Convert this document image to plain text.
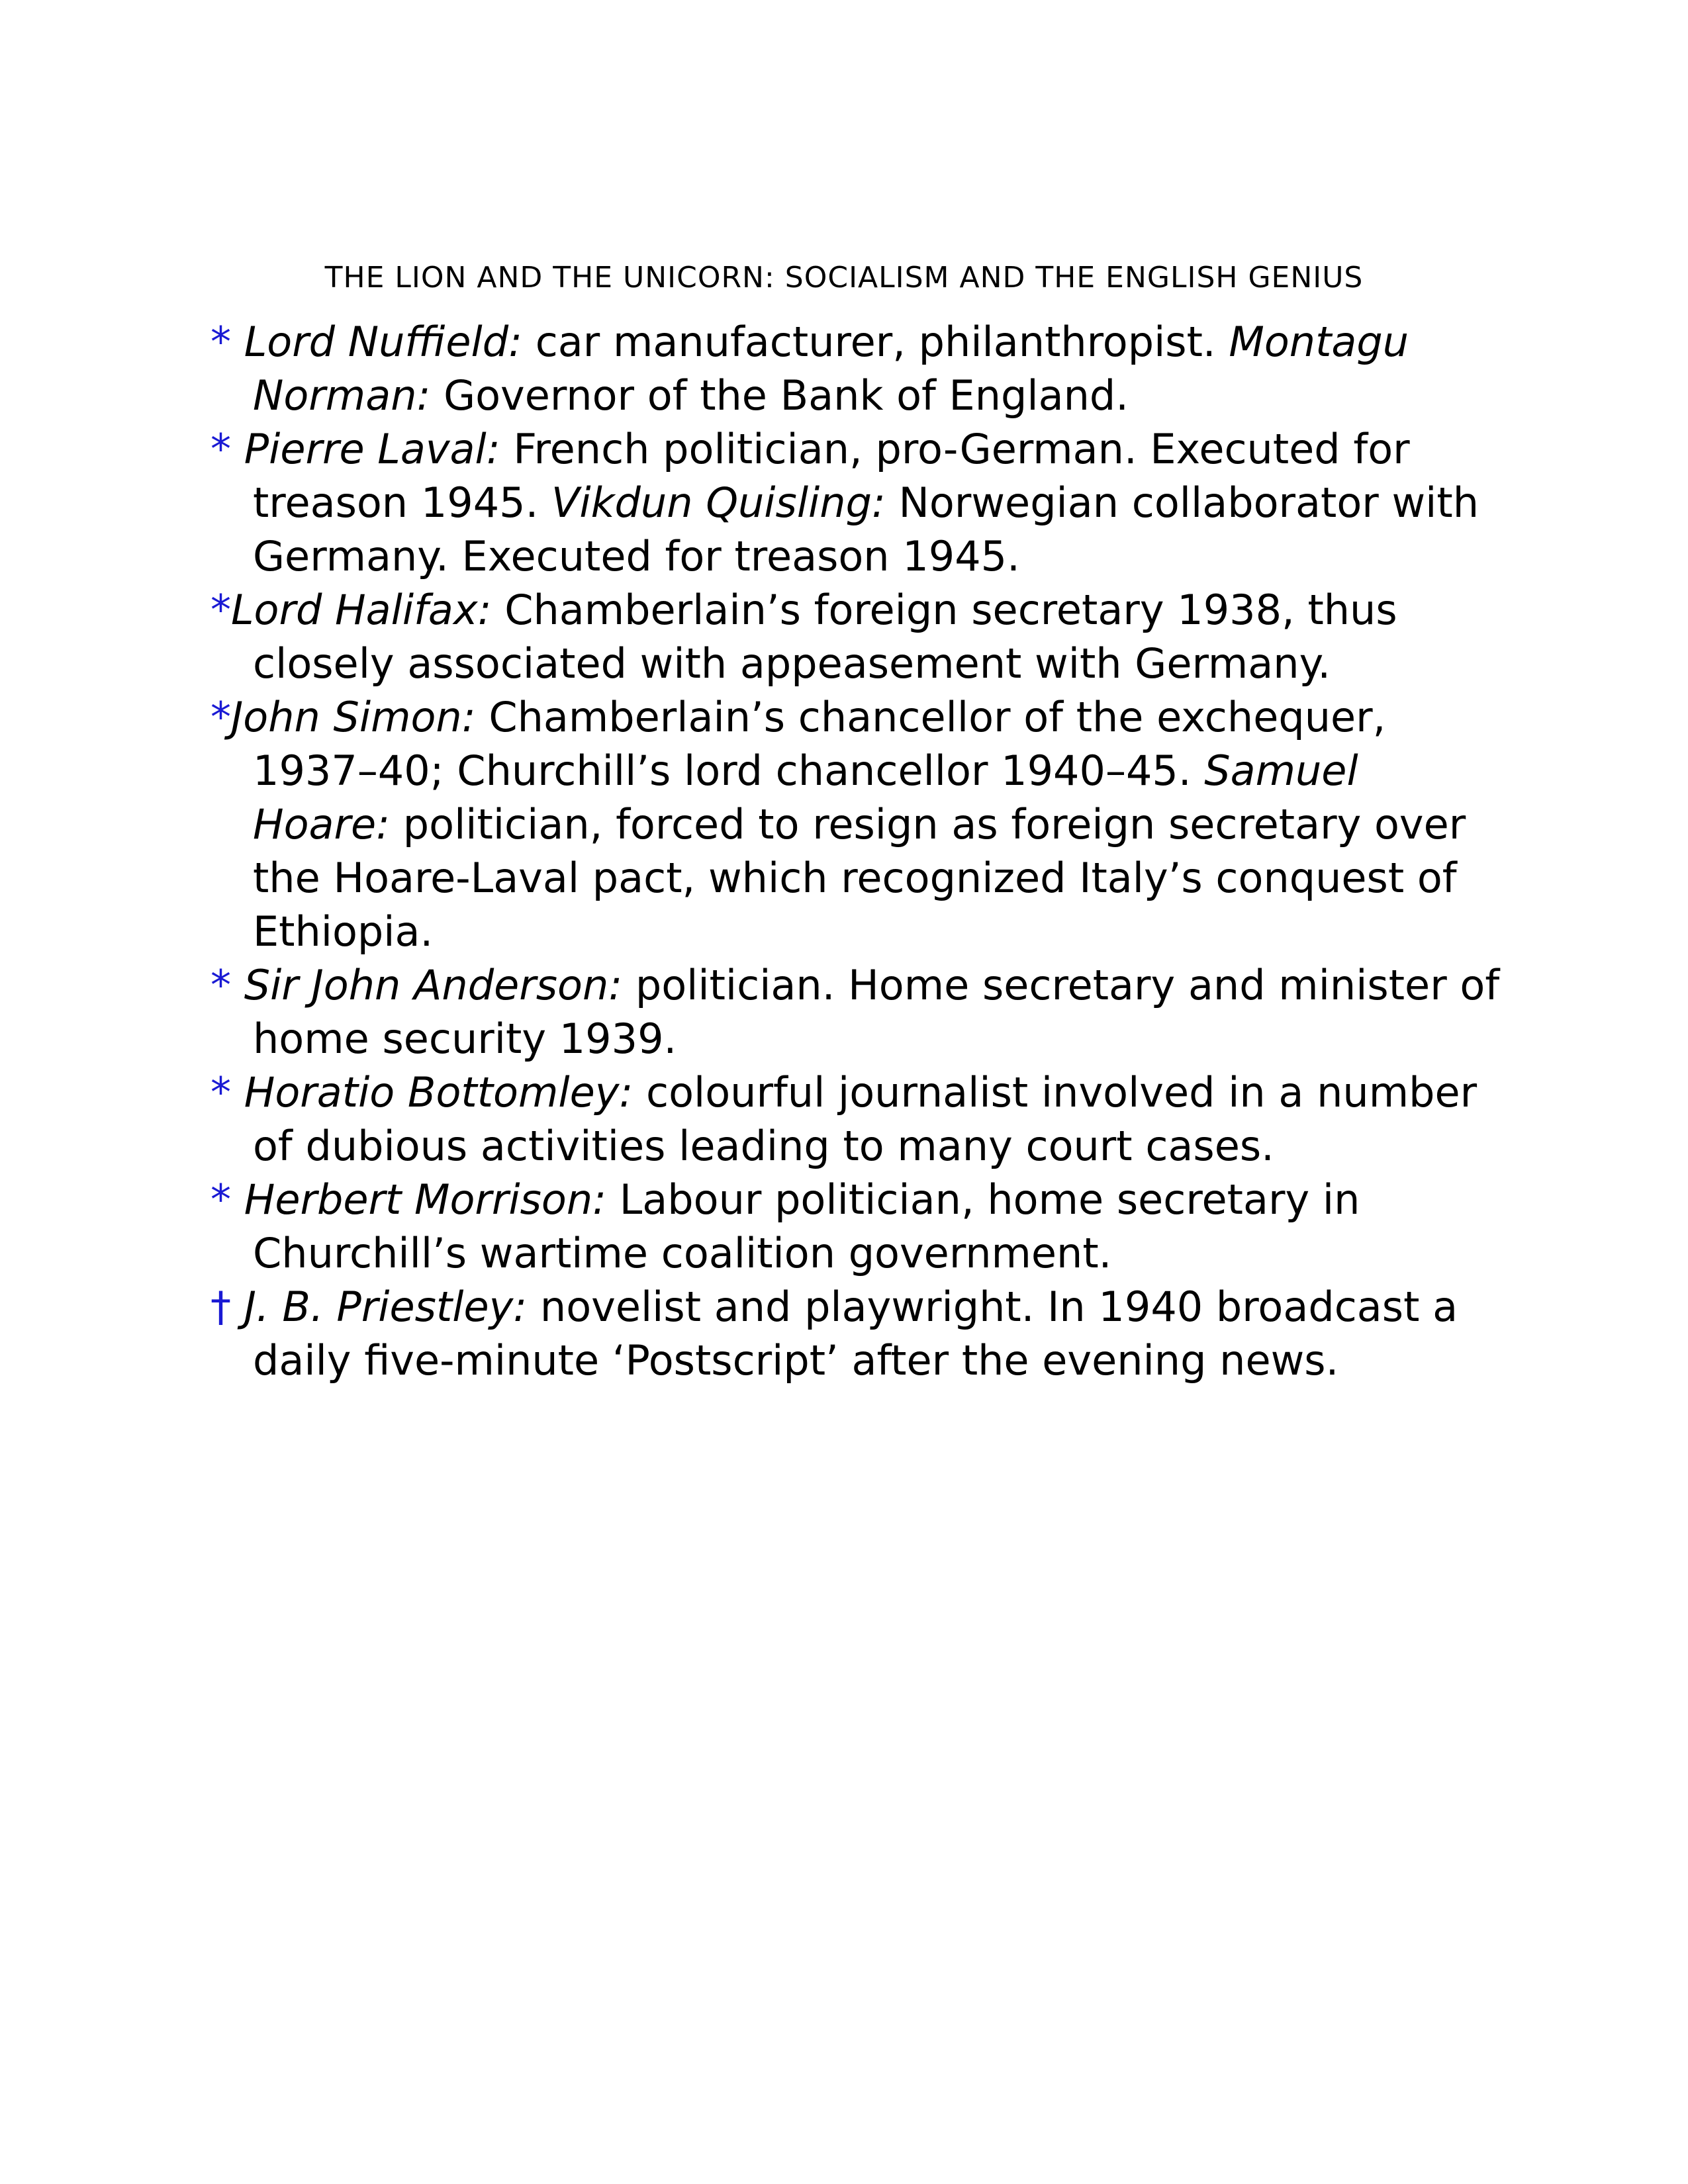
THE LION AND THE UNICORN: SOCIALISM AND THE ENGLISH GENIUS
* Lord Nuffield: car manufacturer, philanthropist. Montagu Norman: Governor of the Bank of England.
* Pierre Laval: French politician, pro-German. Executed for treason 1945. Vikdun Quisling: Norwegian collaborator with Germany. Executed for treason 1945.
*Lord Halifax: Chamberlain’s foreign secretary 1938, thus closely associated with appeasement with Germany.
*John Simon: Chamberlain’s chancellor of the exchequer, 1937–40; Churchill’s lord chancellor 1940–45. Samuel Hoare: politician, forced to resign as foreign secretary over the Hoare-Laval pact, which recognized Italy’s conquest of Ethiopia.
* Sir John Anderson: politician. Home secretary and minister of home security 1939.
* Horatio Bottomley: colourful journalist involved in a number of dubious activities leading to many court cases.
* Herbert Morrison: Labour politician, home secretary in Churchill’s wartime coalition government.
† J. B. Priestley: novelist and playwright. In 1940 broadcast a daily five-minute ‘Postscript’ after the evening news.
